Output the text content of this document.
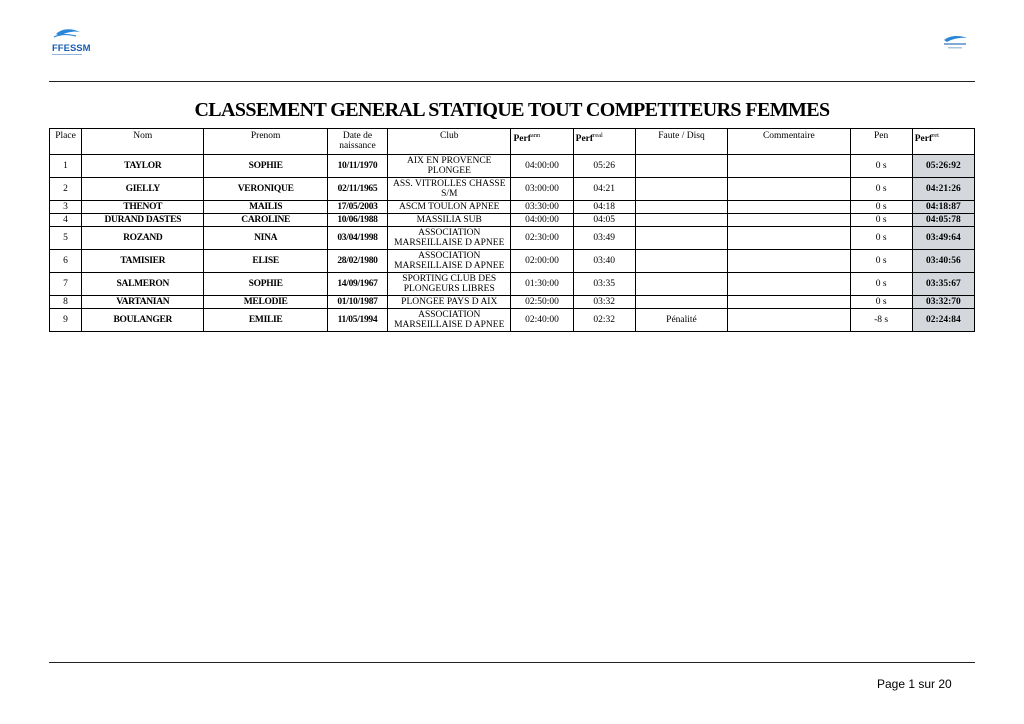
FFESSM
CLASSEMENT GENERAL STATIQUE TOUT COMPETITEURS FEMMES
Place	Nom	Prenom	Date de naissance	Club	Perf$^{ann}$	Perf$^{real}$	Faute / Disq	Commentaire	Pen	Perf$^{ret}$
1	TAYLOR	SOPHIE	10/11/1970	AIX EN PROVENCE PLONGEE	04:00:00	05:26			0 s	05:26:92
2	GIELLY	VERONIQUE	02/11/1965	ASS. VITROLLES CHASSE S/M	03:00:00	04:21			0 s	04:21:26
3	THENOT	MAILIS	17/05/2003	ASCM TOULON APNEE	03:30:00	04:18			0 s	04:18:87
4	DURAND DASTES	CAROLINE	10/06/1988	MASSILIA SUB	04:00:00	04:05			0 s	04:05:78
5	ROZAND	NINA	03/04/1998	ASSOCIATION MARSEILLAISE D APNEE	02:30:00	03:49			0 s	03:49:64
6	TAMISIER	ELISE	28/02/1980	ASSOCIATION MARSEILLAISE D APNEE	02:00:00	03:40			0 s	03:40:56
7	SALMERON	SOPHIE	14/09/1967	SPORTING CLUB DES PLONGEURS LIBRES	01:30:00	03:35			0 s	03:35:67
8	VARTANIAN	MELODIE	01/10/1987	PLONGEE PAYS D AIX	02:50:00	03:32			0 s	03:32:70
9	BOULANGER	EMILIE	11/05/1994	ASSOCIATION MARSEILLAISE D APNEE	02:40:00	02:32	Pénalité		-8 s	02:24:84
Page 1 sur 20
